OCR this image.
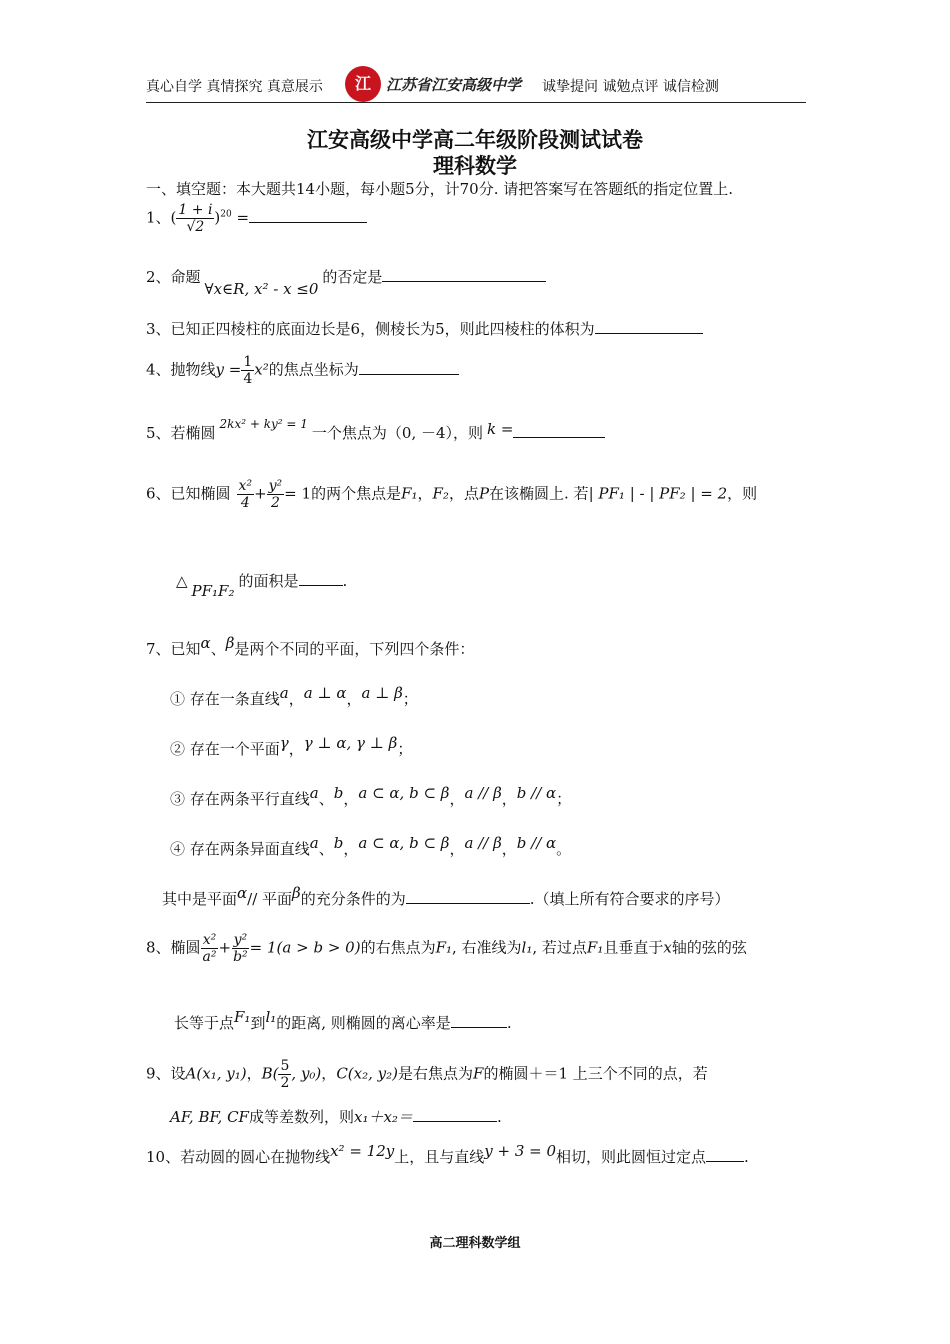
真心自学 真情探究 真意展示	江	江苏省江安高级中学 诚挚提问 诚勉点评 诚信检测
江安高级中学高二年级阶段测试试卷
理科数学
一、填空题：本大题共14小题，每小题5分，计70分. 请把答案写在答题纸的指定位置上.
1、( $\frac{1 + i}{√2} )^{20}$ =
2、命题∀x∈R, x² - x ≤0的否定是
3、已知正四棱柱的底面边长是6，侧棱长为5，则此四棱柱的体积为
4、抛物线$y = \frac{1}{4} x^2$的焦点坐标为
5、若椭圆 $^{2kx^2 + ky^2 = 1}$ 一个焦点为（0, －4），则 k =
6、已知椭圆 $\frac{\text{x²}}{4} + \frac{\text{y²}}{2} = 1$的两个焦点是F₁，F₂，点P在该椭圆上. 若| PF₁ | - | PF₂ | = 2，则
△PF₁F₂的面积是	.
7、已知α、β是两个不同的平面，下列四个条件：
① 存在一条直线a，a ⊥ α，a ⊥ β；
② 存在一个平面γ，γ ⊥ α, γ ⊥ β；
③ 存在两条平行直线a、b，a ⊂ α, b ⊂ β，a // β，b // α；
④ 存在两条异面直线a、b，a ⊂ α, b ⊂ β，a // β，b // α。
其中是平面α// 平面β的充分条件的为	.（填上所有符合要求的序号）
8、椭圆 $\frac{\text{x²}}{\text{a²}} + \frac{\text{y²}}{\text{b²}} = 1(a > b > 0)$的右焦点为F₁, 右准线为l₁, 若过点F₁且垂直于x轴的弦的弦
长等于点F₁到l₁的距离, 则椭圆的离心率是	.
9、设A(x₁, y₁)，$B( \frac{5}{2}$ , y₀)，C(x₂, y₂)是右焦点为F的椭圆＋＝1 上三个不同的点，若
AF, BF, CF成等差数列，则x₁＋x₂＝	.
10、若动圆的圆心在抛物线x² = 12y上，且与直线y + 3 = 0相切，则此圆恒过定点	.
高二理科数学组
